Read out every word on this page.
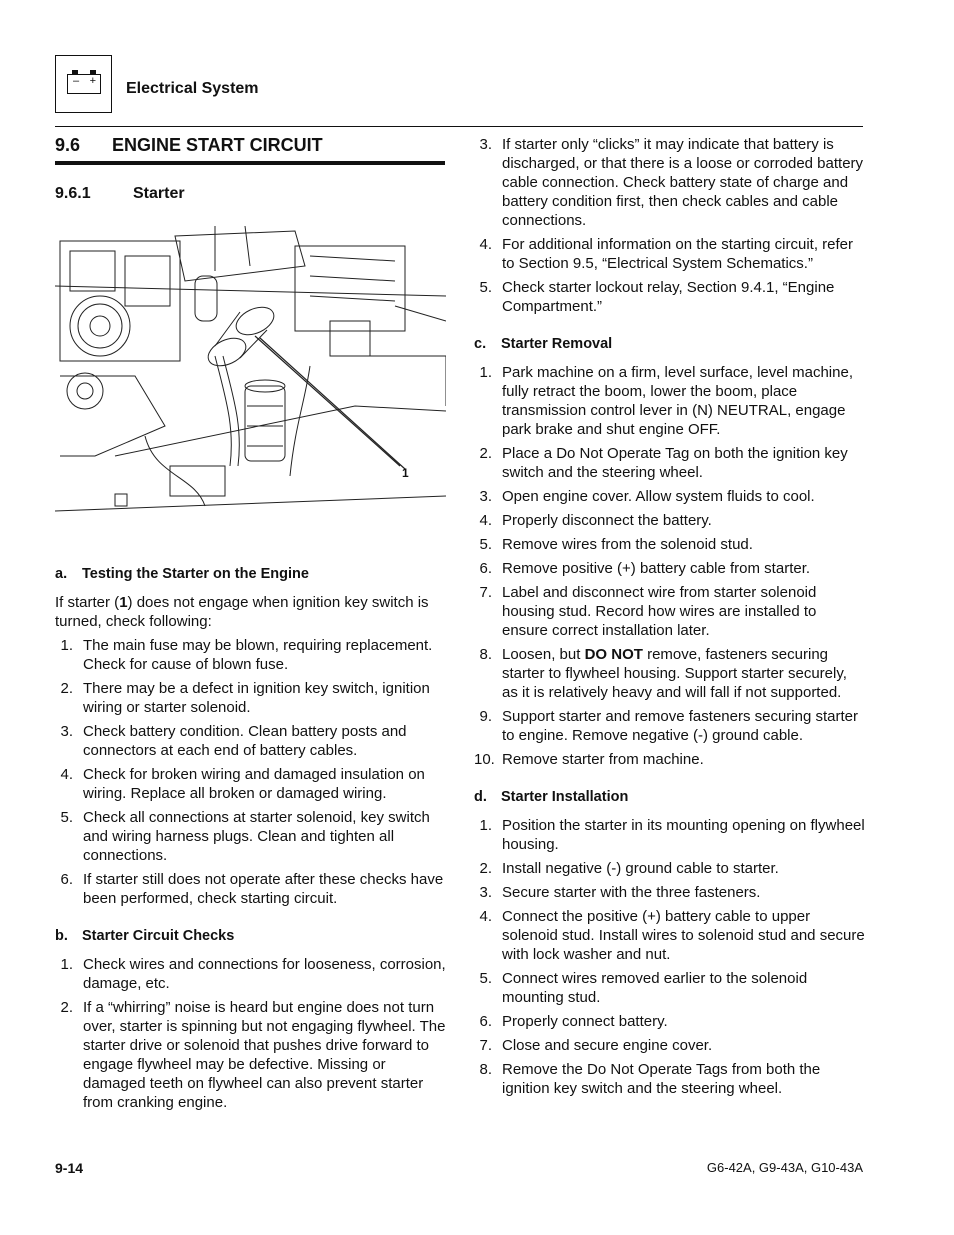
– + Electrical System
9.6 ENGINE START CIRCUIT
9.6.1	Starter
1
a. Testing the Starter on the Engine
If starter (1) does not engage when ignition key switch is turned, check following:
1. The main fuse may be blown, requiring replacement. Check for cause of blown fuse.
2. There may be a defect in ignition key switch, ignition wiring or starter solenoid.
3. Check battery condition. Clean battery posts and connectors at each end of battery cables.
4. Check for broken wiring and damaged insulation on wiring. Replace all broken or damaged wiring.
5. Check all connections at starter solenoid, key switch and wiring harness plugs. Clean and tighten all connections.
6. If starter still does not operate after these checks have been performed, check starting circuit.
b. Starter Circuit Checks
1. Check wires and connections for looseness, corrosion, damage, etc.
2. If a “whirring” noise is heard but engine does not turn over, starter is spinning but not engaging flywheel. The starter drive or solenoid that pushes drive forward to engage flywheel may be defective. Missing or damaged teeth on flywheel can also prevent starter from cranking engine.
3. If starter only “clicks” it may indicate that battery is discharged, or that there is a loose or corroded battery cable connection. Check battery state of charge and battery condition first, then check cables and cable connections.
4. For additional information on the starting circuit, refer to Section 9.5, “Electrical System Schematics.”
5. Check starter lockout relay, Section 9.4.1, “Engine Compartment.”
c. Starter Removal
1. Park machine on a firm, level surface, level machine, fully retract the boom, lower the boom, place transmission control lever in (N) NEUTRAL, engage park brake and shut engine OFF.
2. Place a Do Not Operate Tag on both the ignition key switch and the steering wheel.
3. Open engine cover. Allow system fluids to cool.
4. Properly disconnect the battery.
5. Remove wires from the solenoid stud.
6. Remove positive (+) battery cable from starter.
7. Label and disconnect wire from starter solenoid housing stud. Record how wires are installed to ensure correct installation later.
8. Loosen, but DO NOT remove, fasteners securing starter to flywheel housing. Support starter securely, as it is relatively heavy and will fall if not supported.
9. Support starter and remove fasteners securing starter to engine. Remove negative (-) ground cable.
10. Remove starter from machine.
d. Starter Installation
1. Position the starter in its mounting opening on flywheel housing.
2. Install negative (-) ground cable to starter.
3. Secure starter with the three fasteners.
4. Connect the positive (+) battery cable to upper solenoid stud. Install wires to solenoid stud and secure with lock washer and nut.
5. Connect wires removed earlier to the solenoid mounting stud.
6. Properly connect battery.
7. Close and secure engine cover.
8. Remove the Do Not Operate Tags from both the ignition key switch and the steering wheel.
9-14	G6-42A, G9-43A, G10-43A
